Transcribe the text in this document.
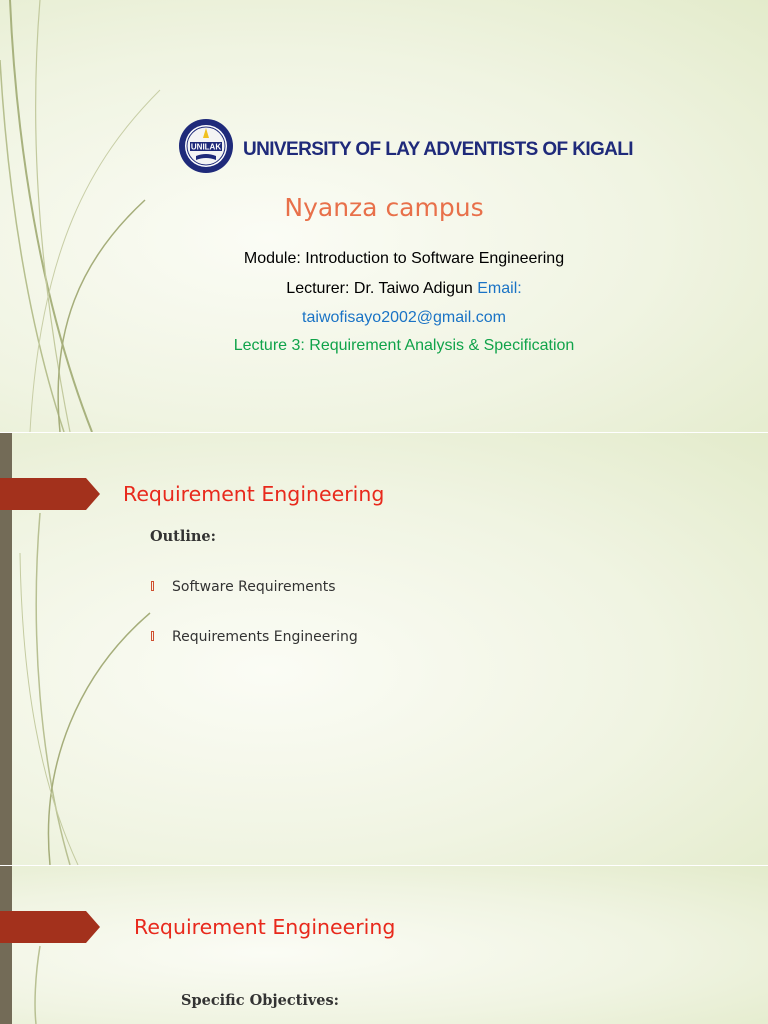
UNILAK UNIVERSITY OF LAY ADVENTISTS OF KIGALI
Nyanza campus
Module: Introduction to Software Engineering
Lecturer: Dr. Taiwo Adigun Email:
taiwofisayo2002@gmail.com
Lecture 3: Requirement Analysis & Specification
Requirement Engineering
Outline:
Software Requirements
Requirements Engineering
Requirement Engineering
Specific Objectives:
